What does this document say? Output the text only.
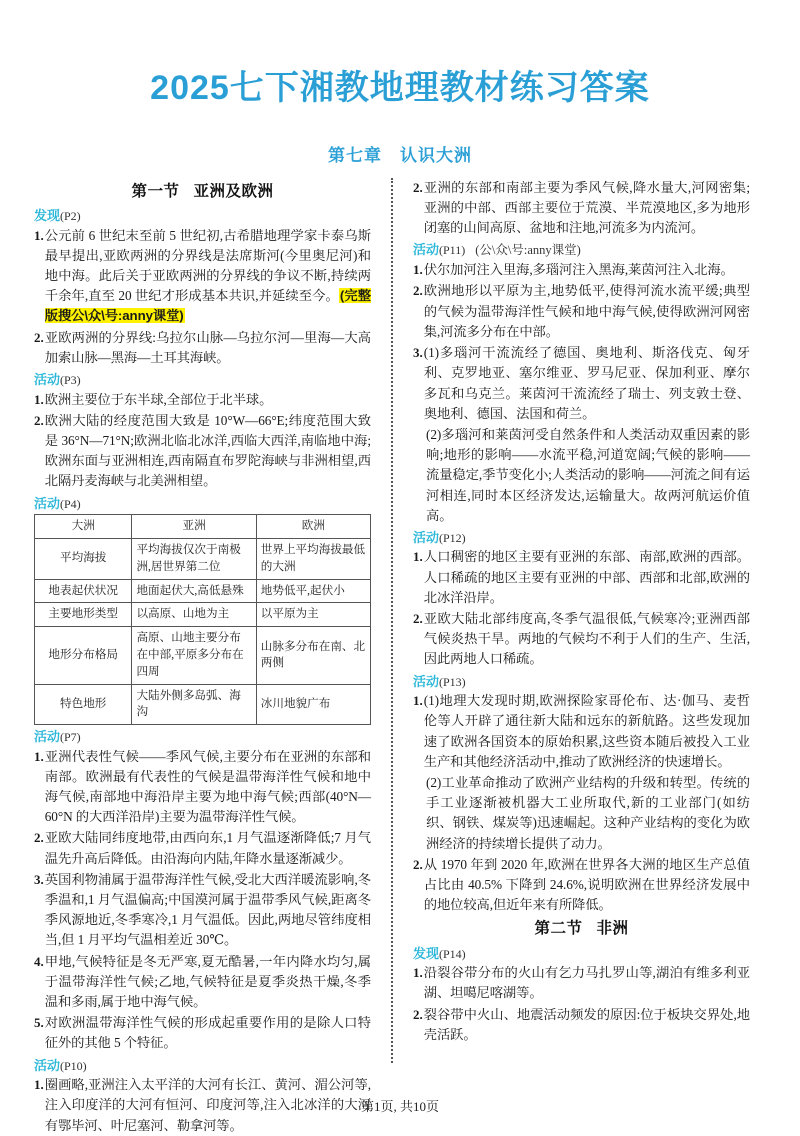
2025七下湘教地理教材练习答案
第七章 认识大洲
第一节 亚洲及欧洲
发现(P2)
1. 公元前 6 世纪末至前 5 世纪初,古希腊地理学家卡泰乌斯最早提出,亚欧两洲的分界线是法席斯河(今里奥尼河)和地中海。此后关于亚欧两洲的分界线的争议不断,持续两千余年,直至 20 世纪才形成基本共识,并延续至今。(完整版搜公\众\号:anny课堂)
2. 亚欧两洲的分界线:乌拉尔山脉—乌拉尔河—里海—大高加索山脉—黑海—土耳其海峡。
活动(P3)
1. 欧洲主要位于东半球,全部位于北半球。
2. 欧洲大陆的经度范围大致是 10°W—66°E;纬度范围大致是 36°N—71°N;欧洲北临北冰洋,西临大西洋,南临地中海;欧洲东面与亚洲相连,西南隔直布罗陀海峡与非洲相望,西北隔丹麦海峡与北美洲相望。
活动(P4)
大洲	亚洲	欧洲
平均海拔	平均海拔仅次于南极洲,居世界第二位	世界上平均海拔最低的大洲
地表起伏状况	地面起伏大,高低悬殊	地势低平,起伏小
主要地形类型	以高原、山地为主	以平原为主
地形分布格局	高原、山地主要分布在中部,平原多分布在四周	山脉多分布在南、北两侧
特色地形	大陆外侧多岛弧、海沟	冰川地貌广布
活动(P7)
1. 亚洲代表性气候——季风气候,主要分布在亚洲的东部和南部。欧洲最有代表性的气候是温带海洋性气候和地中海气候,南部地中海沿岸主要为地中海气候;西部(40°N—60°N 的大西洋沿岸)主要为温带海洋性气候。
2. 亚欧大陆同纬度地带,由西向东,1 月气温逐渐降低;7 月气温先升高后降低。由沿海向内陆,年降水量逐渐减少。
3. 英国利物浦属于温带海洋性气候,受北大西洋暖流影响,冬季温和,1 月气温偏高;中国漠河属于温带季风气候,距离冬季风源地近,冬季寒冷,1 月气温低。因此,两地尽管纬度相当,但 1 月平均气温相差近 30℃。
4. 甲地,气候特征是冬无严寒,夏无酷暑,一年内降水均匀,属于温带海洋性气候;乙地,气候特征是夏季炎热干燥,冬季温和多雨,属于地中海气候。
5. 对欧洲温带海洋性气候的形成起重要作用的是除人口特征外的其他 5 个特征。
活动(P10)
1. 圈画略,亚洲注入太平洋的大河有长江、黄河、湄公河等,注入印度洋的大河有恒河、印度河等,注入北冰洋的大河有鄂毕河、叶尼塞河、勒拿河等。
2. 亚洲的东部和南部主要为季风气候,降水量大,河网密集;亚洲的中部、西部主要位于荒漠、半荒漠地区,多为地形闭塞的山间高原、盆地和注地,河流多为内流河。
活动(P11) (公\众\号:anny课堂)
1. 伏尔加河注入里海,多瑙河注入黑海,莱茵河注入北海。
2. 欧洲地形以平原为主,地势低平,使得河流水流平缓;典型的气候为温带海洋性气候和地中海气候,使得欧洲河网密集,河流多分布在中部。
3. (1)多瑙河干流流经了德国、奥地利、斯洛伐克、匈牙利、克罗地亚、塞尔维亚、罗马尼亚、保加利亚、摩尔多瓦和乌克兰。莱茵河干流流经了瑞士、列支敦士登、奥地利、德国、法国和荷兰。
(2)多瑙河和莱茵河受自然条件和人类活动双重因素的影响;地形的影响——水流平稳,河道宽阔;气候的影响——流量稳定,季节变化小;人类活动的影响——河流之间有运河相连,同时本区经济发达,运输量大。故两河航运价值高。
活动(P12)
1. 人口稠密的地区主要有亚洲的东部、南部,欧洲的西部。人口稀疏的地区主要有亚洲的中部、西部和北部,欧洲的北冰洋沿岸。
2. 亚欧大陆北部纬度高,冬季气温很低,气候寒冷;亚洲西部气候炎热干旱。两地的气候均不利于人们的生产、生活,因此两地人口稀疏。
活动(P13)
1. (1)地理大发现时期,欧洲探险家哥伦布、达·伽马、麦哲伦等人开辟了通往新大陆和远东的新航路。这些发现加速了欧洲各国资本的原始积累,这些资本随后被投入工业生产和其他经济活动中,推动了欧洲经济的快速增长。
(2)工业革命推动了欧洲产业结构的升级和转型。传统的手工业逐渐被机器大工业所取代,新的工业部门(如纺织、钢铁、煤炭等)迅速崛起。这种产业结构的变化为欧洲经济的持续增长提供了动力。
2. 从 1970 年到 2020 年,欧洲在世界各大洲的地区生产总值占比由 40.5% 下降到 24.6%,说明欧洲在世界经济发展中的地位较高,但近年来有所降低。
第二节 非洲
发现(P14)
1. 沿裂谷带分布的火山有乞力马扎罗山等,湖泊有维多利亚湖、坦噶尼喀湖等。
2. 裂谷带中火山、地震活动频发的原因:位于板块交界处,地壳活跃。
第1页, 共10页
